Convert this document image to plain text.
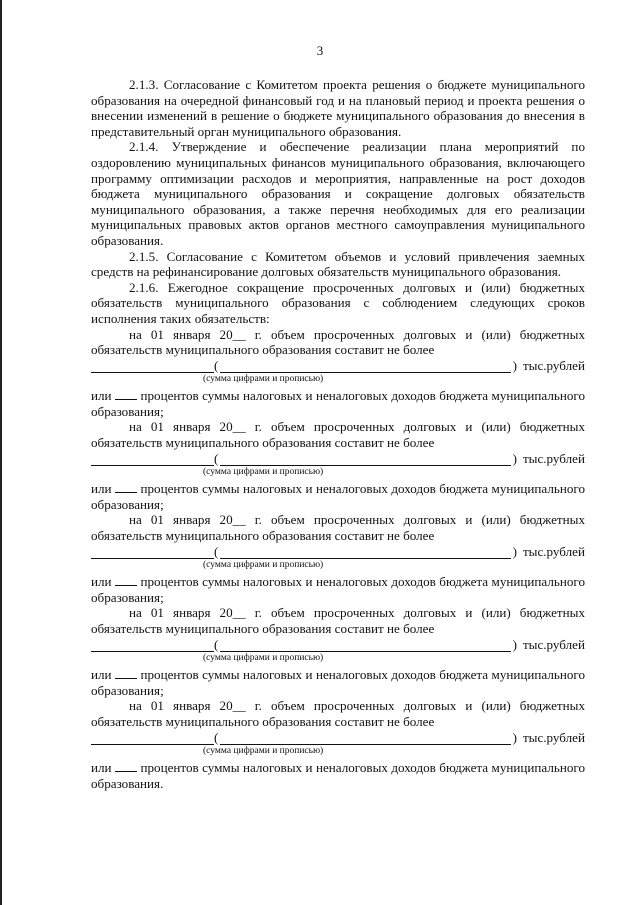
3

2.1.3. Согласование с Комитетом проекта решения о бюджете муниципального образования на очередной финансовый год и на плановый период и проекта решения о внесении изменений в решение о бюджете муниципального образования до внесения в представительный орган муниципального образования.

2.1.4. Утверждение и обеспечение реализации плана мероприятий по оздоровлению муниципальных финансов муниципального образования, включающего программу оптимизации расходов и мероприятия, направленные на рост доходов бюджета муниципального образования и сокращение долговых обязательств муниципального образования, а также перечня необходимых для его реализации муниципальных правовых актов органов местного самоуправления муниципального образования.

2.1.5. Согласование с Комитетом объемов и условий привлечения заемных средств на рефинансирование долговых обязательств муниципального образования.

2.1.6. Ежегодное сокращение просроченных долговых и (или) бюджетных обязательств муниципального образования с соблюдением следующих сроков исполнения таких обязательств:

на 01 января 20__ г. объем просроченных долговых и (или) бюджетных обязательств муниципального образования составит не более

(	) тыс.рублей
(сумма цифрами и прописью)

или процентов суммы налоговых и неналоговых доходов бюджета муниципального образования;

на 01 января 20__ г. объем просроченных долговых и (или) бюджетных обязательств муниципального образования составит не более

(	) тыс.рублей
(сумма цифрами и прописью)

или процентов суммы налоговых и неналоговых доходов бюджета муниципального образования;

на 01 января 20__ г. объем просроченных долговых и (или) бюджетных обязательств муниципального образования составит не более

(	) тыс.рублей
(сумма цифрами и прописью)

или процентов суммы налоговых и неналоговых доходов бюджета муниципального образования;

на 01 января 20__ г. объем просроченных долговых и (или) бюджетных обязательств муниципального образования составит не более

(	) тыс.рублей
(сумма цифрами и прописью)

или процентов суммы налоговых и неналоговых доходов бюджета муниципального образования;

на 01 января 20__ г. объем просроченных долговых и (или) бюджетных обязательств муниципального образования составит не более

(	) тыс.рублей
(сумма цифрами и прописью)

или процентов суммы налоговых и неналоговых доходов бюджета муниципального образования.
